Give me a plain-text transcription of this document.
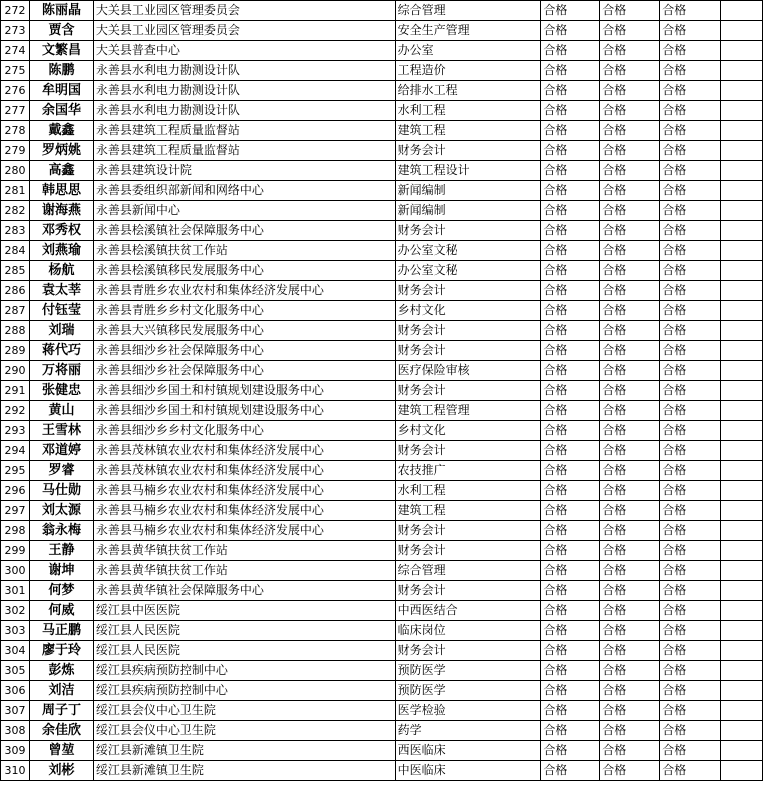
272	陈丽晶	大关县工业园区管理委员会	综合管理	合格	合格	合格	
273	贾含	大关县工业园区管理委员会	安全生产管理	合格	合格	合格	
274	文繁昌	大关县普查中心	办公室	合格	合格	合格	
275	陈鹏	永善县水利电力勘测设计队	工程造价	合格	合格	合格	
276	牟明国	永善县水利电力勘测设计队	给排水工程	合格	合格	合格	
277	余国华	永善县水利电力勘测设计队	水利工程	合格	合格	合格	
278	戴鑫	永善县建筑工程质量监督站	建筑工程	合格	合格	合格	
279	罗炳姚	永善县建筑工程质量监督站	财务会计	合格	合格	合格	
280	高鑫	永善县建筑设计院	建筑工程设计	合格	合格	合格	
281	韩思思	永善县委组织部新闻和网络中心	新闻编制	合格	合格	合格	
282	谢海燕	永善县新闻中心	新闻编制	合格	合格	合格	
283	邓秀权	永善县桧溪镇社会保障服务中心	财务会计	合格	合格	合格	
284	刘燕瑜	永善县桧溪镇扶贫工作站	办公室文秘	合格	合格	合格	
285	杨航	永善县桧溪镇移民发展服务中心	办公室文秘	合格	合格	合格	
286	袁太莘	永善县青胜乡农业农村和集体经济发展中心	财务会计	合格	合格	合格	
287	付钰莹	永善县青胜乡乡村文化服务中心	乡村文化	合格	合格	合格	
288	刘瑞	永善县大兴镇移民发展服务中心	财务会计	合格	合格	合格	
289	蒋代巧	永善县细沙乡社会保障服务中心	财务会计	合格	合格	合格	
290	万将丽	永善县细沙乡社会保障服务中心	医疗保险审核	合格	合格	合格	
291	张健忠	永善县细沙乡国土和村镇规划建设服务中心	财务会计	合格	合格	合格	
292	黄山	永善县细沙乡国土和村镇规划建设服务中心	建筑工程管理	合格	合格	合格	
293	王雪林	永善县细沙乡乡村文化服务中心	乡村文化	合格	合格	合格	
294	邓道婷	永善县茂林镇农业农村和集体经济发展中心	财务会计	合格	合格	合格	
295	罗睿	永善县茂林镇农业农村和集体经济发展中心	农技推广	合格	合格	合格	
296	马仕勋	永善县马楠乡农业农村和集体经济发展中心	水利工程	合格	合格	合格	
297	刘太源	永善县马楠乡农业农村和集体经济发展中心	建筑工程	合格	合格	合格	
298	翁永梅	永善县马楠乡农业农村和集体经济发展中心	财务会计	合格	合格	合格	
299	王静	永善县黄华镇扶贫工作站	财务会计	合格	合格	合格	
300	谢坤	永善县黄华镇扶贫工作站	综合管理	合格	合格	合格	
301	何梦	永善县黄华镇社会保障服务中心	财务会计	合格	合格	合格	
302	何威	绥江县中医医院	中西医结合	合格	合格	合格	
303	马正鹏	绥江县人民医院	临床岗位	合格	合格	合格	
304	廖于玲	绥江县人民医院	财务会计	合格	合格	合格	
305	彭炼	绥江县疾病预防控制中心	预防医学	合格	合格	合格	
306	刘洁	绥江县疾病预防控制中心	预防医学	合格	合格	合格	
307	周子丁	绥江县会仪中心卫生院	医学检验	合格	合格	合格	
308	余佳欣	绥江县会仪中心卫生院	药学	合格	合格	合格	
309	曾堃	绥江县新滩镇卫生院	西医临床	合格	合格	合格	
310	刘彬	绥江县新滩镇卫生院	中医临床	合格	合格	合格	
